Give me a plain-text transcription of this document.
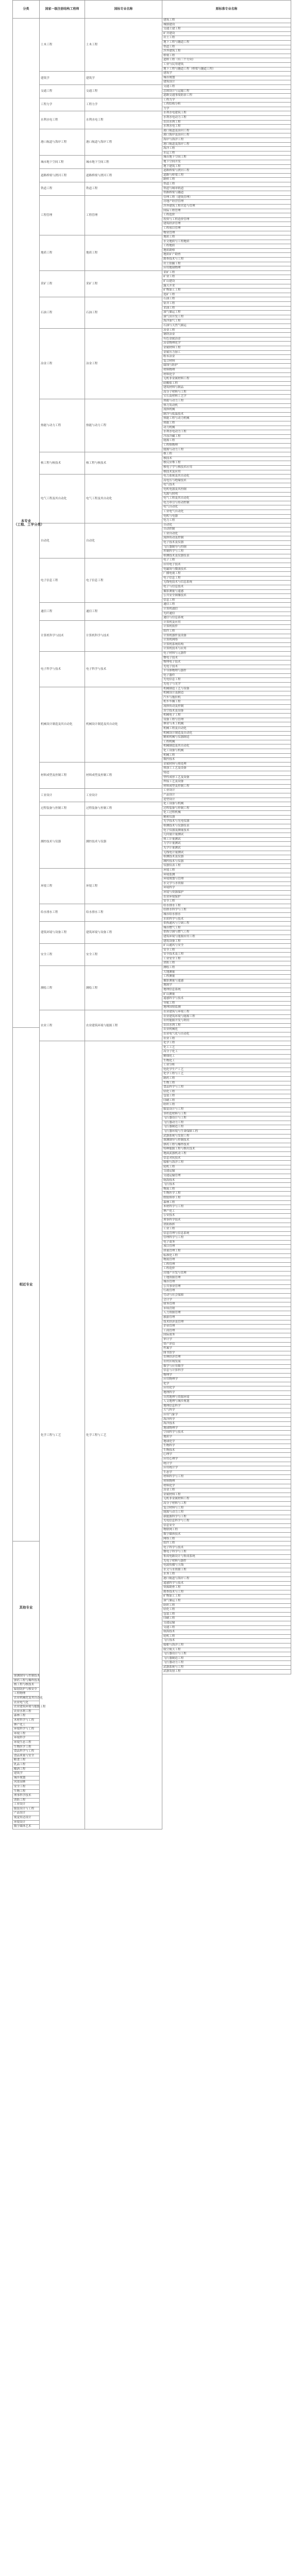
分类	国家一级注册结构工程师	国标专业名称	原标准专业名称

本专业
（工程、工学分类）	土木工程	土木工程	建筑工程
			城镇建设
			交通土建工程
			矿井建设
			岩土工程
			地下工程与隧道工程
			铁道工程
			涉外建筑工程
			桥梁工程
			道桥工程（有三个方向）
			工业与民用建筑
			地下工程与隧道工程（桥梁与隧道工程）
	建筑学	建筑学	建筑学
			城市规划
			建筑设计
	交通工程	交通工程	交通工程
			总图设计与运输工程
			道路交通事故防治工程
	工程力学	工程力学	工程力学
			工程结构分析
			力学
	水利水电工程	水利水电工程	水利水电建筑工程
			水利水电动力工程
			农田水利工程
			水利水电工程
	港口航道与海岸工程	港口航道与海岸工程	港口航道及治河工程
			港口海岸及治河工程
			海岸与海洋工程
			港口航道及海岸工程
			海洋工程
			水运工程
	城市地下空间工程	城市地下空间工程	城市地下空间工程
			地下空间开发
			地下建筑工程
	道路桥梁与渡河工程	道路桥梁与渡河工程	道路桥梁与渡河工程
			道路与桥梁工程
			路桥工程
	铁道工程	铁道工程	铁道工程
			铁道与城市轨道
			铁路桥梁与隧道
	工程管理	工程管理	管理工程（建筑管理）
			房地产经营管理
			涉外建筑工程营造与管理
			国际工程管理
			工程造价
			投资与工程造价管理
			建筑经济管理
			工程项目管理
			物业管理
	地质工程	地质工程	地质工程
			水文地质与工程地质
			工程地质
			地质勘察
			地质矿产勘查
			勘查技术与工程
			岩土钻掘工程
			应用地球物理
	采矿工程	采矿工程	采矿工程
			矿业工程
			矿山建设
			露天开采
			矿物加工工程
			选矿工程
	石油工程	石油工程	石油工程
			钻井工程
			采油工程
			油气储运工程
			油气田开发工程
			海洋油气工程
			石油与天然气储运
	冶金工程	冶金工程	冶金工程
			钢铁冶金
			有色金属冶金
			冶金物理化学
			金属材料工程
			金属压力加工
			粉末冶金
			复合材料
			腐蚀与防护
			材料物理
			材料化学
			无机非金属材料工程
			硅酸盐工程
			建筑材料与制品
			高分子材料与工程
			宝石及材料工艺学
	热能与动力工程	热能与动力工程	热能与动力工程
			热力发动机
			流体机械
			制冷与低温技术
			热能工程与动力机械
			热能工程
			动力机械
			水利水电动力工程
			冷冻冷藏工程
			能源工程
			工程热物理
			能源与动力工程
	核工程与核技术	核工程与核技术	核工程
			核技术
			核反应堆工程
			核电子学与核技术应用
			核技术及应用
	电气工程及其自动化	电气工程及其自动化	电力系统及其自动化
			高电压与绝缘技术
			电气技术
			电机电器及其控制
			光源与照明
			电气工程及其自动化
			电力牵引与传动控制
			电气自动化
			工业电气自动化
			电机与电器
			电力工程
	自动化	自动化	自动化
			自动控制
			工业自动化
			流体传动及控制
			电子技术及仪器
			飞行器制导与控制
			控制科学与工程
			检测技术及仪器仪表
	电子信息工程	电子信息工程	电子工程
			应用电子技术
			电磁场与微波技术
			广播电视工程
			电子信息工程
			无线电技术与信息系统
			电子与信息技术
			摄影测量与遥感
			公共安全图像技术
			信息工程
	通信工程	通信工程	通信工程
			计算机通信
			光纤通信
			通信与信息系统
	计算机科学与技术	计算机科学与技术	计算机及应用
			计算机软件
			软件工程
			计算机器件及设备
			计算机网络
			计算机系统结构
			计算机技术与应用
	电子科学与技术	电子科学与技术	电子材料与元器件
			微电子技术
			物理电子技术
			光电子技术
			半导体物理与器件
			电子器件
			光电信息工程
			光电子与光学
	机械设计制造及其自动化	机械设计制造及其自动化	机械制造工艺与设备
			机械设计及制造
			汽车与拖拉机
			机车车辆工程
			流体传动及控制
			真空技术及设备
			机械电子工程
			设备工程与管理
			林业与木工机械
			机械工程及自动化
			机械设计制造及自动化
			精密机械与仪器制造
			工程机械
			机械制造及其自动化
			化工设备与机械
			机械工程
			数控技术
	材料成型及控制工程	材料成型及控制工程	金属材料与热处理
			热加工工艺及设备
			铸造
			塑性成形工艺及设备
			焊接工艺及设备
			材料成型及控制工程
	工业设计	工业设计	工业设计
			产品设计
			造型设计
	过程装备与控制工程	过程装备与控制工程	化工设备与机械
			过程装备与控制工程
			化工过程机械
	测控技术与仪器	测控技术与仪器	精密仪器
			光学技术与光电仪器
			检测技术与仪器仪表
			电子仪器及测量技术
			几何量计量测试
			热工计量测试
			力学计量测试
			光学计量测试
			无线电计量测试
			检测技术及仪器
			测控技术与仪器
			仪器仪表工程
	环境工程	环境工程	环境工程
			环境监测
			环境规划与管理
			水文学与水资源
			环境科学
			环境与资源保护
			农业环境保护
			安全工程
	给水排水工程	给水排水工程	给水排水工程
			给排水科学与工程
			城市给水排水
			水质科学与技术
	建筑环境与设备工程	建筑环境与设备工程	供热通风与空调工程
			城市燃气工程
			供热空调与燃气工程
			建筑环境与能源应用工程
			建筑设备工程
	安全工程	安全工程	矿山通风与安全
			安全工程
			安全技术及工程
			工业安全工程
			消防工程
	测绘工程	测绘工程	测绘工程
			大地测量
			工程测量
			摄影测量与遥感
			地图学
			地理信息系统
			矿山测量
			遥感科学与技术
			导航工程
			地理国情监测
	农业工程	农业建筑环境与能源工程	农业建筑与环境工程
			农业建筑环境与能源工程
			农村能源开发与利用
			农田水利工程

相近专业			农业机械化
			农业电气化与自动化
			农业工程
	化学工程与工艺	化学工程与工艺	化学工程
			化工工艺
			高分子化工
			精细化工
			生物化工
			工业分析
			电化学生产工艺
			化学工程与工艺
			制药工程
			生物工程
			食品科学与工程
			轻化工程
			包装工程
			印刷工程
			纺织工程
			服装设计与工程
			非织造材料与工程
			飞行器设计与工程
			飞行器动力工程
			飞行器制造工程
			飞行器环境与生命保障工程
			武器系统与发射工程
			探测制导与控制技术
			弹药工程与爆炸技术
			特种能源工程与烟火技术
			地面武器机动工程
			信息对抗技术
			船舶与海洋工程
			轮机工程
			交通运输
			交通运输管理
			航海技术
			飞行技术
			物流工程
			生物医学工程
			假肢矫形工程
			森林工程
			木材科学与工程
			林产化工
			公安技术
			刑事科学技术
			消防指挥
			工业工程
			信息管理与信息系统
			管理科学与工程
			电子商务
			项目管理
			质量管理工程
			标准化工程
			物流管理
			工程管理
			工程造价
			房地产开发与管理
			土地资源管理
			城市管理
			公共事业管理
			行政管理
			劳动与社会保障
			会计学
			财务管理
			市场营销
			人力资源管理
			旅游管理
			技术经济及管理
			企业管理
			工商管理
			国际商务
			审计学
			资产评估
			档案学
			图书馆学
			农林经济管理
			农村区域发展
			数学与应用数学
			信息与计算科学
			物理学
			应用物理学
			化学
			应用化学
			地理科学
			自然地理与资源环境
			人文地理与城乡规划
			地理信息科学
			大气科学
			应用气象学
			海洋科学
			海洋技术
			地球物理学
			空间科学与技术
			地质学
			地球化学
			生物科学
			生物技术
			心理学
			应用心理学
			统计学
			应用统计学
			生态学
			材料科学与工程
			材料物理
			材料化学
			冶金工程
			金属材料工程
			无机非金属材料工程
			高分子材料与工程
			复合材料与工程
			能源与动力工程
			新能源科学与工程
			光电信息科学与工程
			信息安全
			物联网工程
			数字媒体技术
			网络工程

其他专业			软件工程
			电子科学与技术
			微电子科学与工程
			集成电路设计与集成系统
			光电子材料与器件
			电波传播与天线
			水文与水资源工程
			水务工程
			港口航道与海岸工程
			遥感科学与技术
			资源勘查工程
			勘查技术与工程
			矿物加工工程
			油气储运工程
			纺织工程
			轻化工程
			包装工程
			印刷工程
			交通运输
			交通工程
			航海技术
			轮机工程
			飞行技术
			船舶与海洋工程
			航空航天工程
			飞行器设计与工程
			飞行器制造工程
			飞行器动力工程
			武器系统与工程
			武器发射工程
探测制导与控制技术			
弹药工程与爆炸技术			
核工程与核技术			
辐射防护与核安全			
工程物理			
农业机械化及其自动化			
农业电气化			
农业建筑环境与能源工程			
农业水利工程			
森林工程			
木材科学与工程			
林产化工			
环境科学与工程			
环境工程			
环境科学			
环境生态工程			
生物医学工程			
食品科学与工程			
食品质量与安全			
粮食工程			
乳品工程			
酿酒工程			
建筑学			
城乡规划			
风景园林			
安全工程			
生物工程			
刑事科学技术			
消防工程			
工业设计			
服装设计与工程			
产品设计			
视觉传达设计			
环境设计			
数字媒体艺术			
